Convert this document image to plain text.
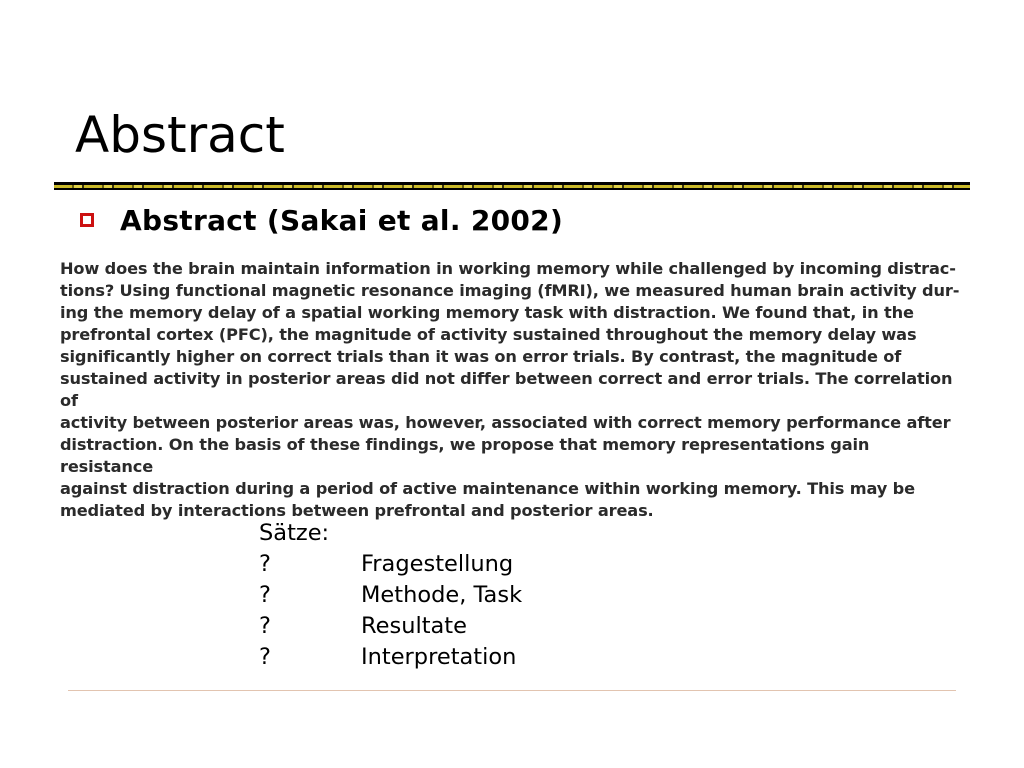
Abstract
Abstract (Sakai et al. 2002)
How does the brain maintain information in working memory while challenged by incoming distrac-
tions? Using functional magnetic resonance imaging (fMRI), we measured human brain activity dur-
ing the memory delay of a spatial working memory task with distraction. We found that, in the
prefrontal cortex (PFC), the magnitude of activity sustained throughout the memory delay was
significantly higher on correct trials than it was on error trials. By contrast, the magnitude of
sustained activity in posterior areas did not differ between correct and error trials. The correlation of
activity between posterior areas was, however, associated with correct memory performance after
distraction. On the basis of these findings, we propose that memory representations gain resistance
against distraction during a period of active maintenance within working memory. This may be
mediated by interactions between prefrontal and posterior areas.
Sätze:
?	Fragestellung
?	Methode, Task
?	Resultate
?	Interpretation
